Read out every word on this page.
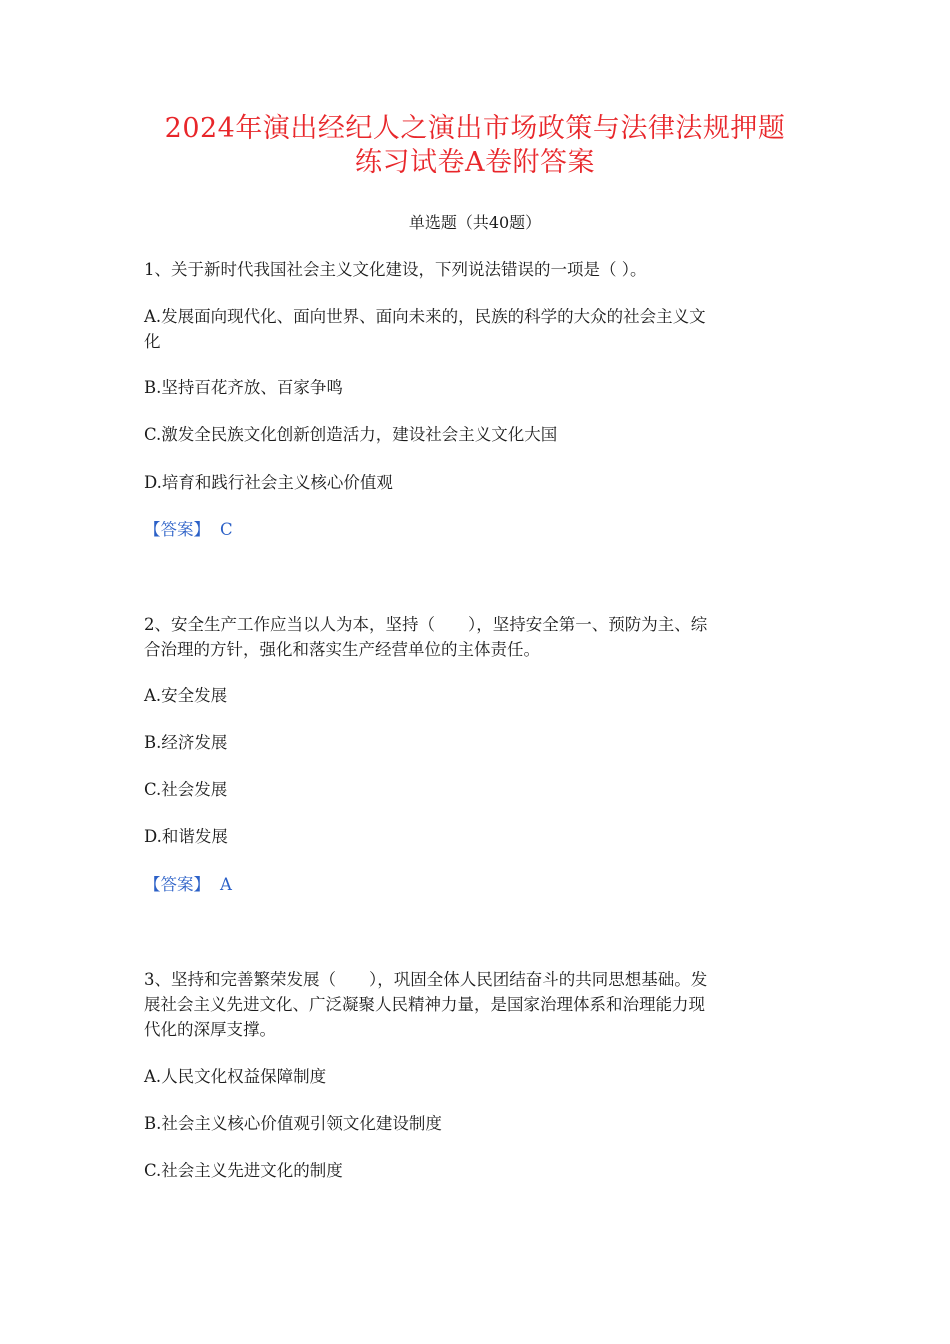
2024年演出经纪人之演出市场政策与法律法规押题
练习试卷A卷附答案
单选题（共40题）
1、关于新时代我国社会主义文化建设，下列说法错误的一项是（ ）。
A.发展面向现代化、面向世界、面向未来的，民族的科学的大众的社会主义文
化
B.坚持百花齐放、百家争鸣
C.激发全民族文化创新创造活力，建设社会主义文化大国
D.培育和践行社会主义核心价值观
【答案】 C
2、安全生产工作应当以人为本，坚持（　　），坚持安全第一、预防为主、综
合治理的方针，强化和落实生产经营单位的主体责任。
A.安全发展
B.经济发展
C.社会发展
D.和谐发展
【答案】 A
3、坚持和完善繁荣发展（　　），巩固全体人民团结奋斗的共同思想基础。发
展社会主义先进文化、广泛凝聚人民精神力量，是国家治理体系和治理能力现
代化的深厚支撑。
A.人民文化权益保障制度
B.社会主义核心价值观引领文化建设制度
C.社会主义先进文化的制度
